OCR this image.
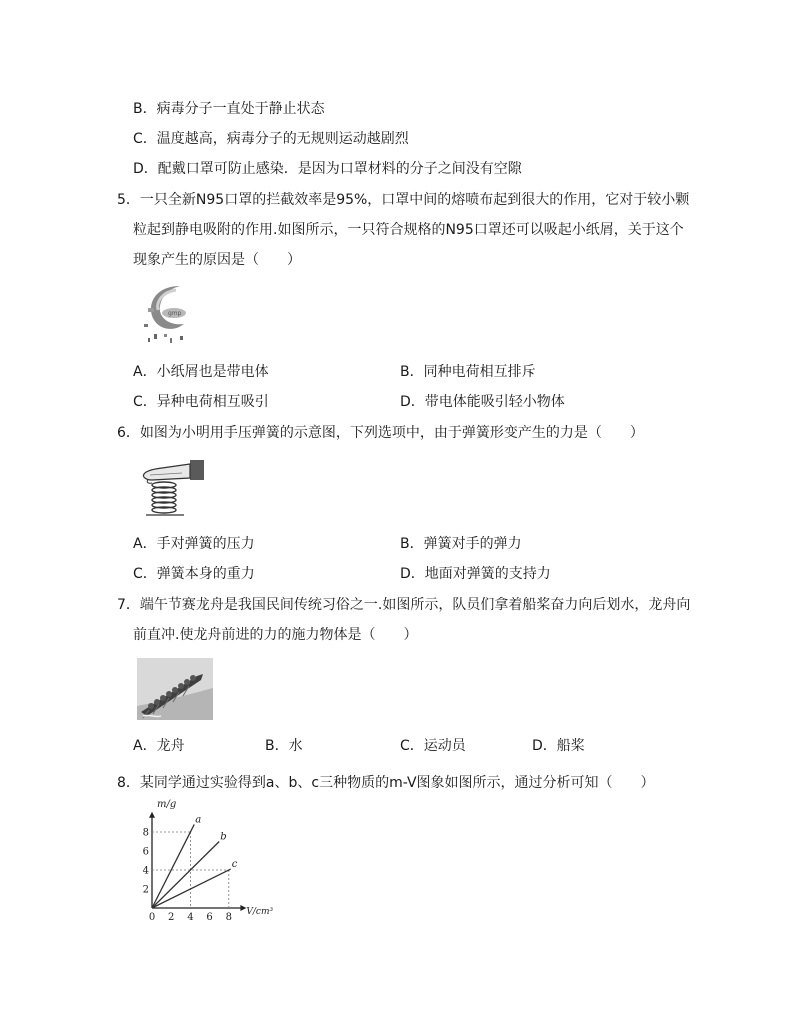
B．病毒分子一直处于静止状态
C．温度越高，病毒分子的无规则运动越剧烈
D．配戴口罩可防止感染．是因为口罩材料的分子之间没有空隙
5．一只全新N95口罩的拦截效率是95%，口罩中间的熔喷布起到很大的作用，它对于较小颗
粒起到静电吸附的作用.如图所示，一只符合规格的N95口罩还可以吸起小纸屑，关于这个
现象产生的原因是（　　）
gmp
A．小纸屑也是带电体	B．同种电荷相互排斥
C．异种电荷相互吸引	D．带电体能吸引轻小物体
6．如图为小明用手压弹簧的示意图，下列选项中，由于弹簧形变产生的力是（　　）
A．手对弹簧的压力	B．弹簧对手的弹力
C．弹簧本身的重力	D．地面对弹簧的支持力
7．端午节赛龙舟是我国民间传统习俗之一.如图所示，队员们拿着船桨奋力向后划水，龙舟向
前直冲.使龙舟前进的力的施力物体是（　　）
A．龙舟	B．水	C．运动员	D．船桨
8．某同学通过实验得到a、b、c三种物质的m-V图象如图所示，通过分析可知（　　）
0 2 4 6 8
2
4
6
8
m/g
V/cm³
a
b
c
